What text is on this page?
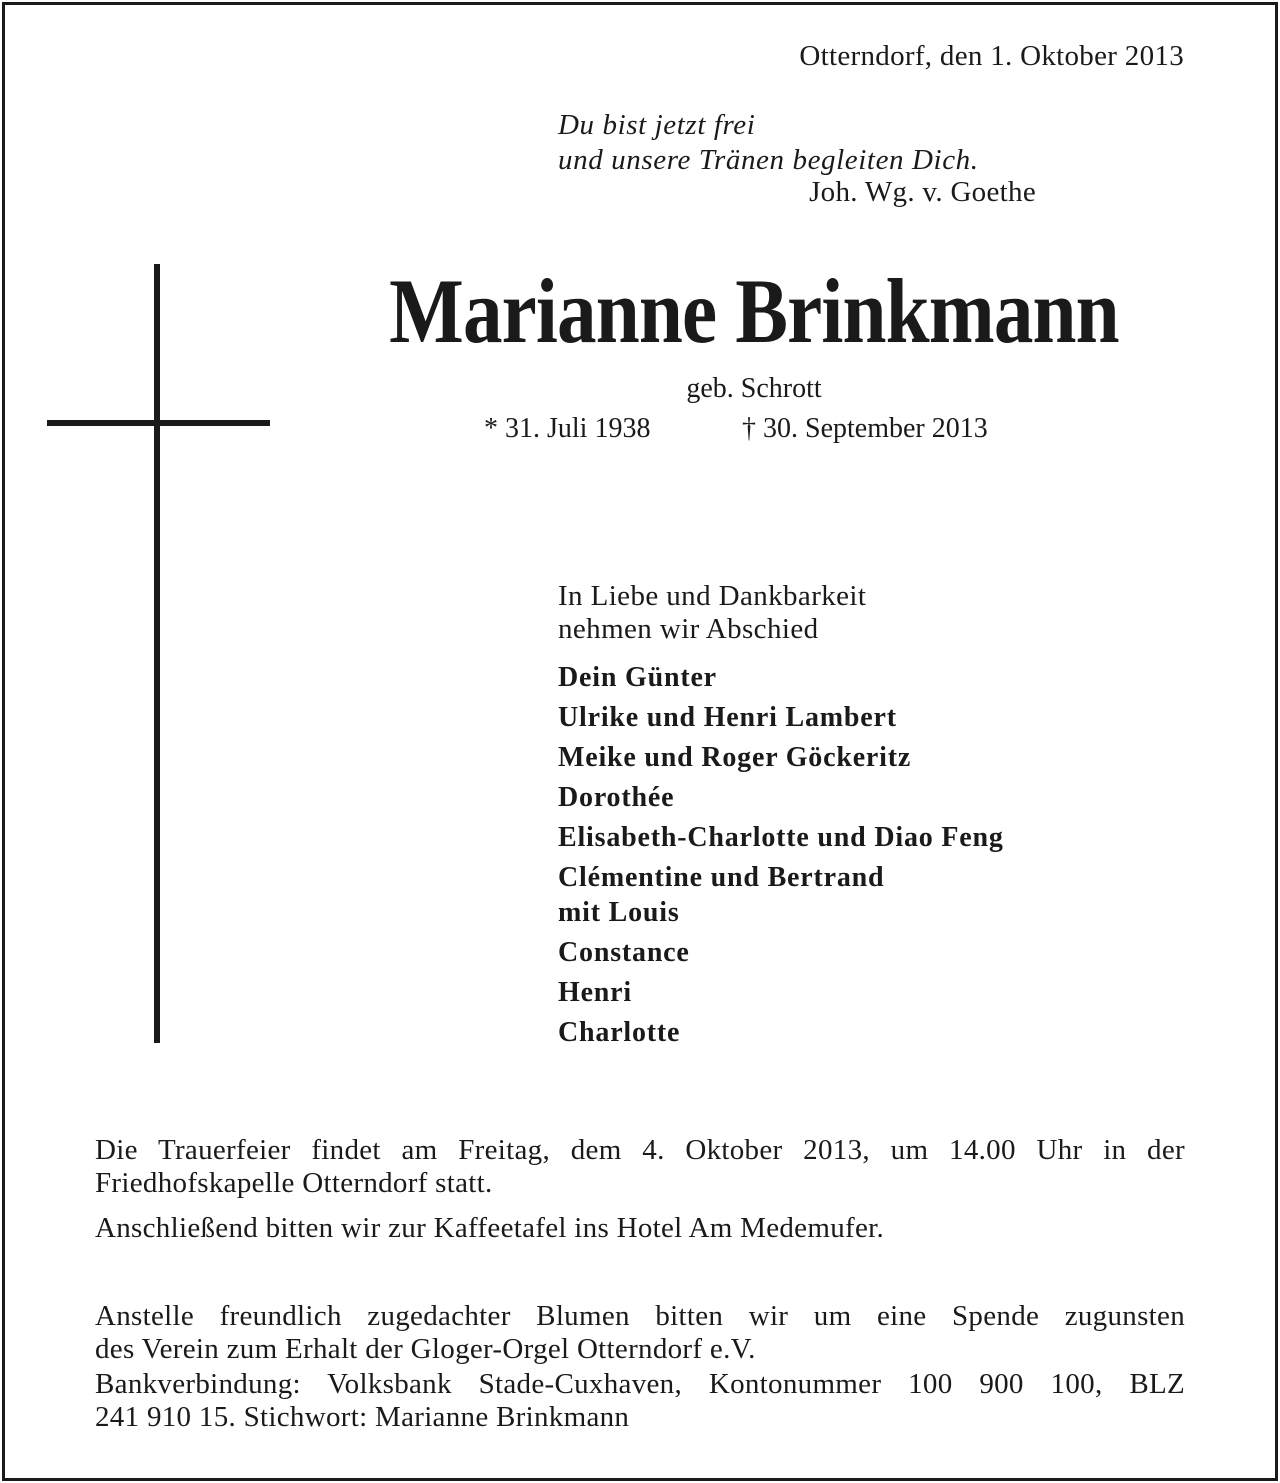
Otterndorf, den 1. Oktober 2013
Du bist jetzt frei
und unsere Tränen begleiten Dich.
Joh. Wg. v. Goethe
Marianne Brinkmann
geb. Schrott
* 31. Juli 1938	† 30. September 2013
In Liebe und Dankbarkeit
nehmen wir Abschied
Dein Günter
Ulrike und Henri Lambert
Meike und Roger Göckeritz
Dorothée
Elisabeth-Charlotte und Diao Feng
Clémentine und Bertrand
mit Louis
Constance
Henri
Charlotte
Die Trauerfeier findet am Freitag, dem 4. Oktober 2013, um 14.00 Uhr in der
Friedhofskapelle Otterndorf statt.
Anschließend bitten wir zur Kaffeetafel ins Hotel Am Medemufer.
Anstelle freundlich zugedachter Blumen bitten wir um eine Spende zugunsten
des Verein zum Erhalt der Gloger-Orgel Otterndorf e.V.
Bankverbindung: Volksbank Stade-Cuxhaven, Kontonummer 100 900 100, BLZ
241 910 15. Stichwort: Marianne Brinkmann
